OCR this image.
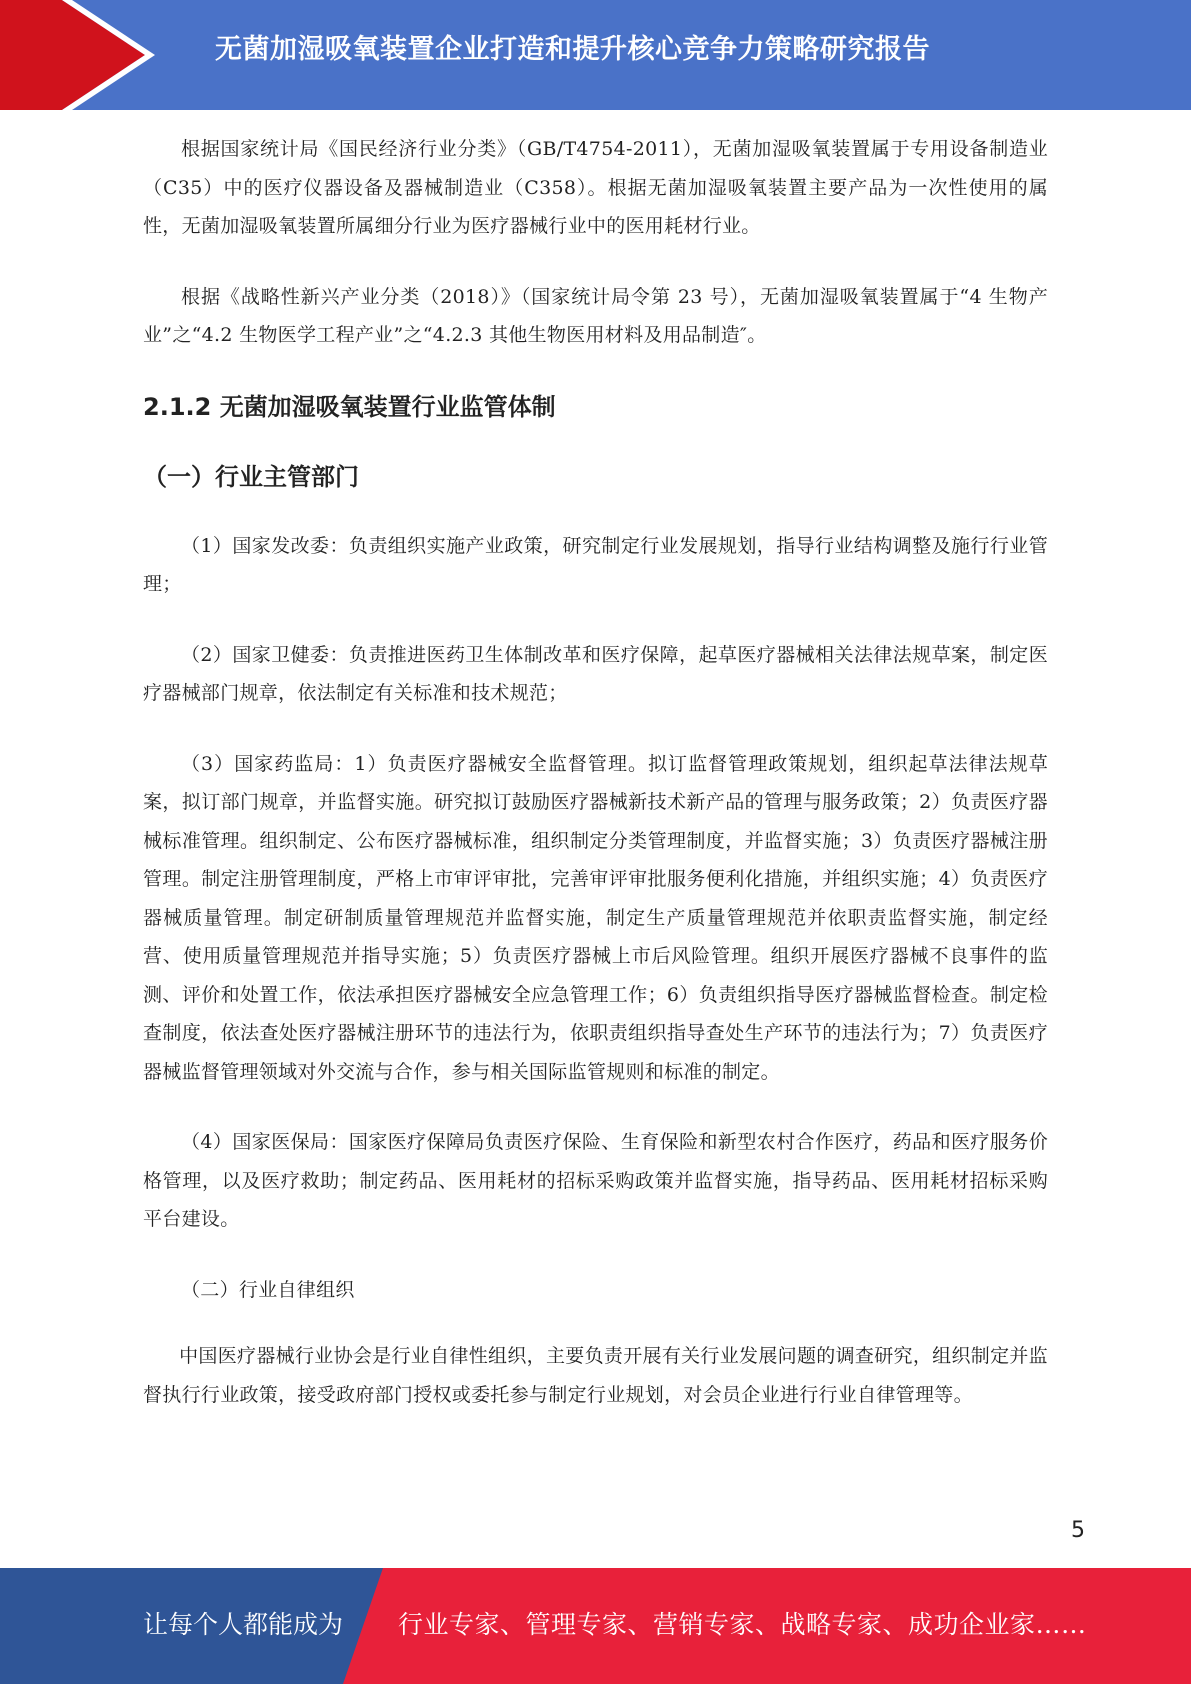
无菌加湿吸氧装置企业打造和提升核心竞争力策略研究报告

根据国家统计局《国民经济行业分类》（GB/T4754-2011），无菌加湿吸氧装置属于专用设备制造业（C35）中的医疗仪器设备及器械制造业（C358）。根据无菌加湿吸氧装置主要产品为一次性使用的属性，无菌加湿吸氧装置所属细分行业为医疗器械行业中的医用耗材行业。

根据《战略性新兴产业分类（2018）》（国家统计局令第 23 号），无菌加湿吸氧装置属于“4 生物产业”之“4.2 生物医学工程产业”之“4.2.3 其他生物医用材料及用品制造″。

2.1.2 无菌加湿吸氧装置行业监管体制
（一）行业主管部门

（1）国家发改委：负责组织实施产业政策，研究制定行业发展规划，指导行业结构调整及施行行业管理；

（2）国家卫健委：负责推进医药卫生体制改革和医疗保障，起草医疗器械相关法律法规草案，制定医疗器械部门规章，依法制定有关标准和技术规范；

（3）国家药监局：1）负责医疗器械安全监督管理。拟订监督管理政策规划，组织起草法律法规草案，拟订部门规章，并监督实施。研究拟订鼓励医疗器械新技术新产品的管理与服务政策；2）负责医疗器械标准管理。组织制定、公布医疗器械标准，组织制定分类管理制度，并监督实施；3）负责医疗器械注册管理。制定注册管理制度，严格上市审评审批，完善审评审批服务便利化措施，并组织实施；4）负责医疗器械质量管理。制定研制质量管理规范并监督实施，制定生产质量管理规范并依职责监督实施，制定经营、使用质量管理规范并指导实施；5）负责医疗器械上市后风险管理。组织开展医疗器械不良事件的监测、评价和处置工作，依法承担医疗器械安全应急管理工作；6）负责组织指导医疗器械监督检查。制定检查制度，依法查处医疗器械注册环节的违法行为，依职责组织指导查处生产环节的违法行为；7）负责医疗器械监督管理领域对外交流与合作，参与相关国际监管规则和标准的制定。

（4）国家医保局：国家医疗保障局负责医疗保险、生育保险和新型农村合作医疗，药品和医疗服务价格管理，以及医疗救助；制定药品、医用耗材的招标采购政策并监督实施，指导药品、医用耗材招标采购平台建设。

（二）行业自律组织

中国医疗器械行业协会是行业自律性组织，主要负责开展有关行业发展问题的调查研究，组织制定并监督执行行业政策，接受政府部门授权或委托参与制定行业规划，对会员企业进行行业自律管理等。

5
让每个人都能成为 行业专家、管理专家、营销专家、战略专家、成功企业家……
